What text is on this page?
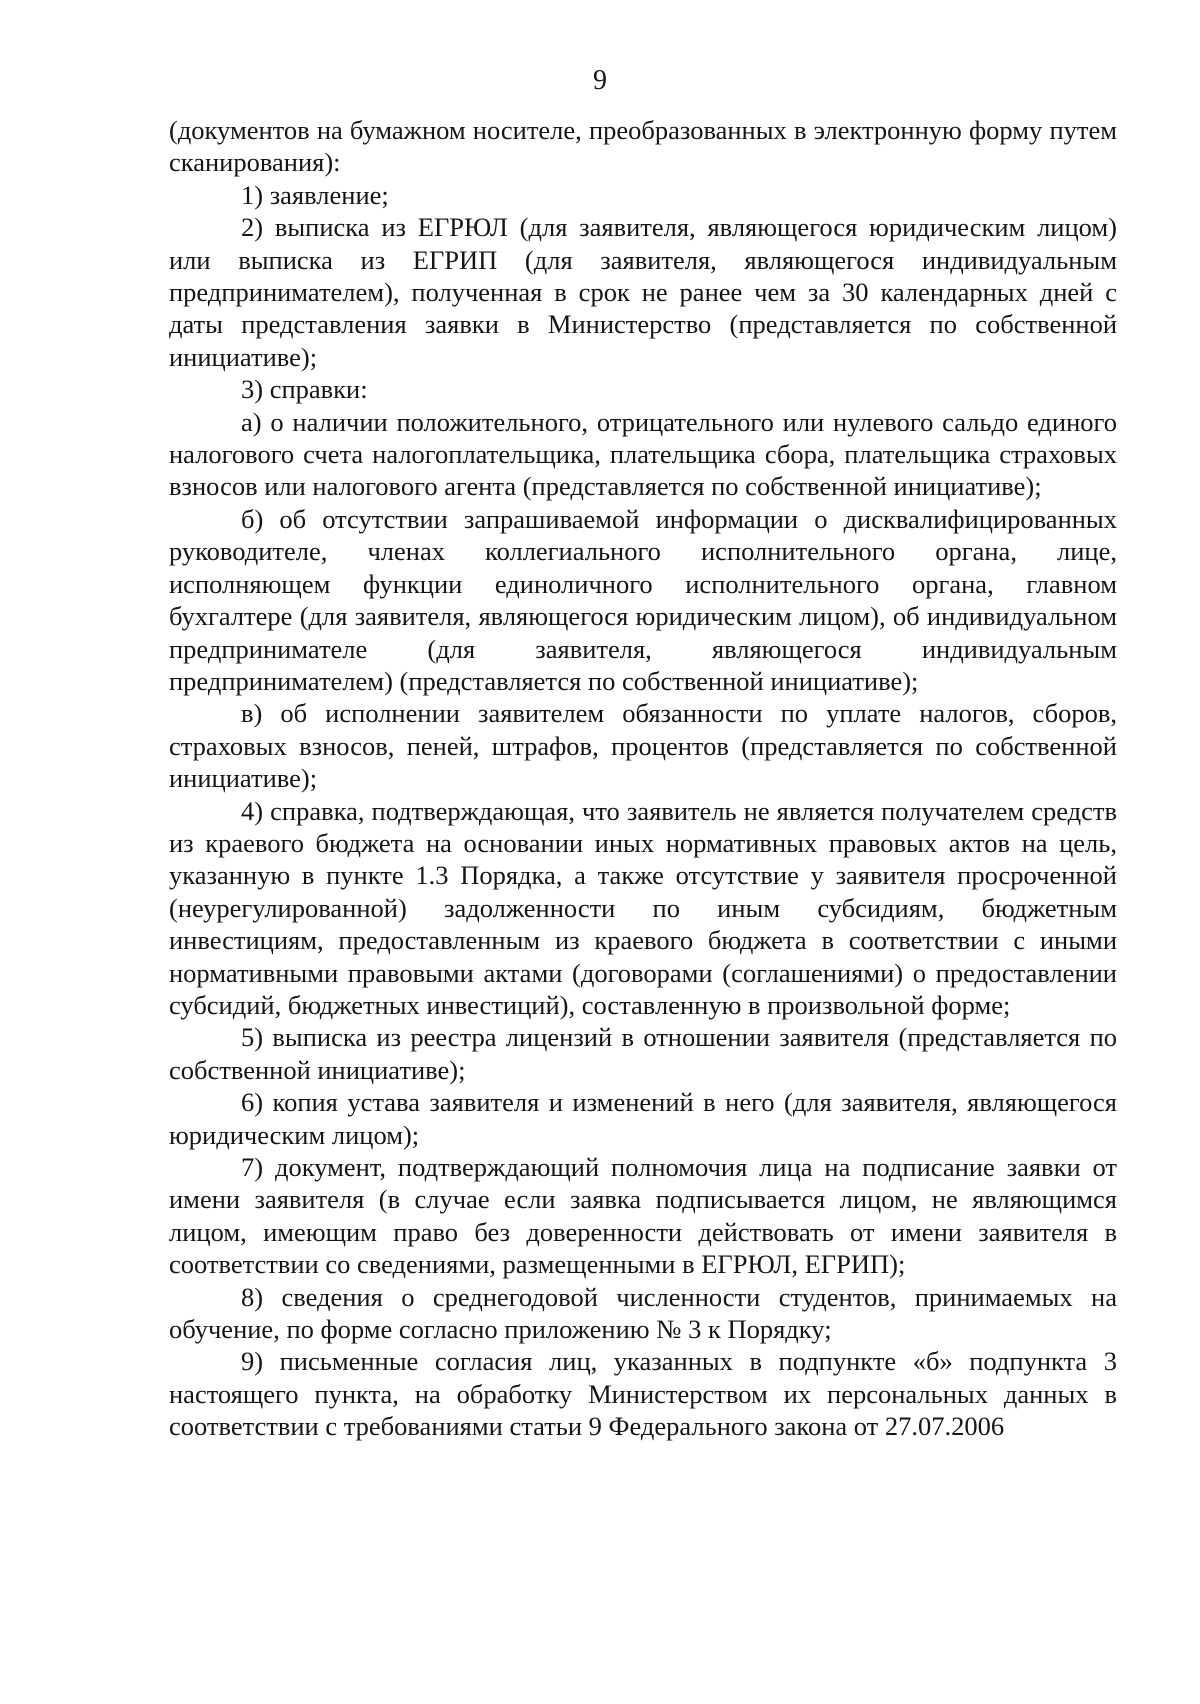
9

(документов на бумажном носителе, преобразованных в электронную форму путем сканирования):

1) заявление;

2) выписка из ЕГРЮЛ (для заявителя, являющегося юридическим лицом) или выписка из ЕГРИП (для заявителя, являющегося индивидуальным предпринимателем), полученная в срок не ранее чем за 30 календарных дней с даты представления заявки в Министерство (представляется по собственной инициативе);

3) справки:

а) о наличии положительного, отрицательного или нулевого сальдо единого налогового счета налогоплательщика, плательщика сбора, плательщика страховых взносов или налогового агента (представляется по собственной инициативе);

б) об отсутствии запрашиваемой информации о дисквалифицированных руководителе, членах коллегиального исполнительного органа, лице, исполняющем функции единоличного исполнительного органа, главном бухгалтере (для заявителя, являющегося юридическим лицом), об индивидуальном предпринимателе (для заявителя, являющегося индивидуальным предпринимателем) (представляется по собственной инициативе);

в) об исполнении заявителем обязанности по уплате налогов, сборов, страховых взносов, пеней, штрафов, процентов (представляется по собственной инициативе);

4) справка, подтверждающая, что заявитель не является получателем средств из краевого бюджета на основании иных нормативных правовых актов на цель, указанную в пункте 1.3 Порядка, а также отсутствие у заявителя просроченной (неурегулированной) задолженности по иным субсидиям, бюджетным инвестициям, предоставленным из краевого бюджета в соответствии с иными нормативными правовыми актами (договорами (соглашениями) о предоставлении субсидий, бюджетных инвестиций), составленную в произвольной форме;

5) выписка из реестра лицензий в отношении заявителя (представляется по собственной инициативе);

6) копия устава заявителя и изменений в него (для заявителя, являющегося юридическим лицом);

7) документ, подтверждающий полномочия лица на подписание заявки от имени заявителя (в случае если заявка подписывается лицом, не являющимся лицом, имеющим право без доверенности действовать от имени заявителя в соответствии со сведениями, размещенными в ЕГРЮЛ, ЕГРИП);

8) сведения о среднегодовой численности студентов, принимаемых на обучение, по форме согласно приложению № 3 к Порядку;

9) письменные согласия лиц, указанных в подпункте «б» подпункта 3 настоящего пункта, на обработку Министерством их персональных данных в соответствии с требованиями статьи 9 Федерального закона от 27.07.2006
